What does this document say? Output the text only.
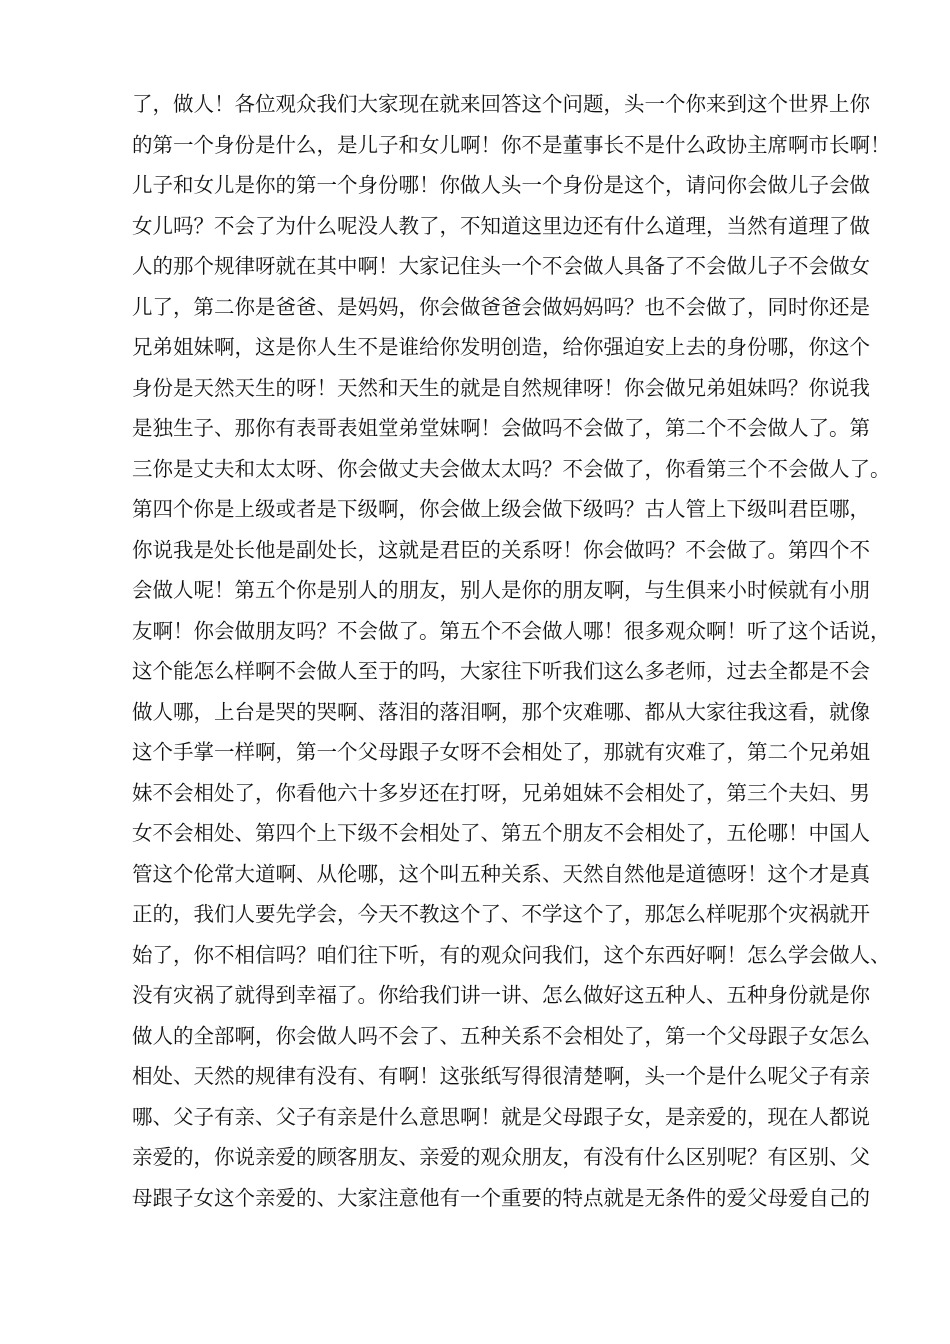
了，做人！各位观众我们大家现在就来回答这个问题，头一个你来到这个世界上你
的第一个身份是什么，是儿子和女儿啊！你不是董事长不是什么政协主席啊市长啊！
儿子和女儿是你的第一个身份哪！你做人头一个身份是这个，请问你会做儿子会做
女儿吗？不会了为什么呢没人教了，不知道这里边还有什么道理，当然有道理了做
人的那个规律呀就在其中啊！大家记住头一个不会做人具备了不会做儿子不会做女
儿了，第二你是爸爸、是妈妈，你会做爸爸会做妈妈吗？也不会做了，同时你还是
兄弟姐妹啊，这是你人生不是谁给你发明创造，给你强迫安上去的身份哪，你这个
身份是天然天生的呀！天然和天生的就是自然规律呀！你会做兄弟姐妹吗？你说我
是独生子、那你有表哥表姐堂弟堂妹啊！会做吗不会做了，第二个不会做人了。第
三你是丈夫和太太呀、你会做丈夫会做太太吗？不会做了，你看第三个不会做人了。
第四个你是上级或者是下级啊，你会做上级会做下级吗？古人管上下级叫君臣哪，
你说我是处长他是副处长，这就是君臣的关系呀！你会做吗？不会做了。第四个不
会做人呢！第五个你是别人的朋友，别人是你的朋友啊，与生俱来小时候就有小朋
友啊！你会做朋友吗？不会做了。第五个不会做人哪！很多观众啊！听了这个话说，
这个能怎么样啊不会做人至于的吗，大家往下听我们这么多老师，过去全都是不会
做人哪，上台是哭的哭啊、落泪的落泪啊，那个灾难哪、都从大家往我这看，就像
这个手掌一样啊，第一个父母跟子女呀不会相处了，那就有灾难了，第二个兄弟姐
妹不会相处了，你看他六十多岁还在打呀，兄弟姐妹不会相处了，第三个夫妇、男
女不会相处、第四个上下级不会相处了、第五个朋友不会相处了，五伦哪！中国人
管这个伦常大道啊、从伦哪，这个叫五种关系、天然自然他是道德呀！这个才是真
正的，我们人要先学会，今天不教这个了、不学这个了，那怎么样呢那个灾祸就开
始了，你不相信吗？咱们往下听，有的观众问我们，这个东西好啊！怎么学会做人、
没有灾祸了就得到幸福了。你给我们讲一讲、怎么做好这五种人、五种身份就是你
做人的全部啊，你会做人吗不会了、五种关系不会相处了，第一个父母跟子女怎么
相处、天然的规律有没有、有啊！这张纸写得很清楚啊，头一个是什么呢父子有亲
哪、父子有亲、父子有亲是什么意思啊！就是父母跟子女，是亲爱的，现在人都说
亲爱的，你说亲爱的顾客朋友、亲爱的观众朋友，有没有什么区别呢？有区别、父
母跟子女这个亲爱的、大家注意他有一个重要的特点就是无条件的爱父母爱自己的
